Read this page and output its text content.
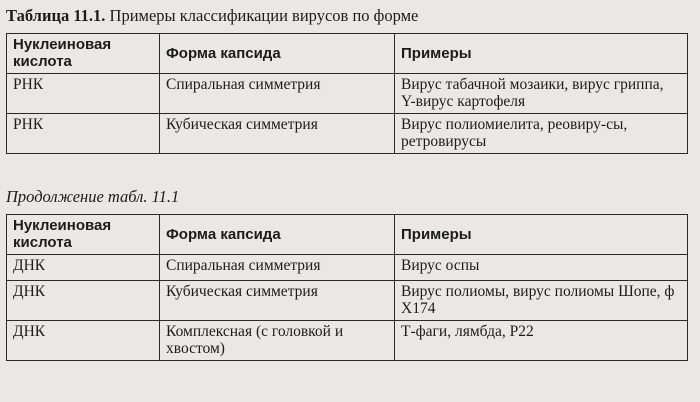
Таблица 11.1. Примеры классификации вирусов по форме
Нуклеиновая кислота	Форма капсида	Примеры
РНК	Спиральная симметрия	Вирус табачной мозаики, вирус гриппа, Y-вирус картофеля
РНК	Кубическая симметрия	Вирус полиомиелита, реовиру-сы, ретровирусы
Продолжение табл. 11.1
Нуклеиновая кислота	Форма капсида	Примеры
ДНК	Спиральная симметрия	Вирус оспы
ДНК	Кубическая симметрия	Вирус полиомы, вирус полиомы Шопе, ф X174
ДНК	Комплексная (с головкой и хвостом)	Т-фаги, лямбда, Р22
